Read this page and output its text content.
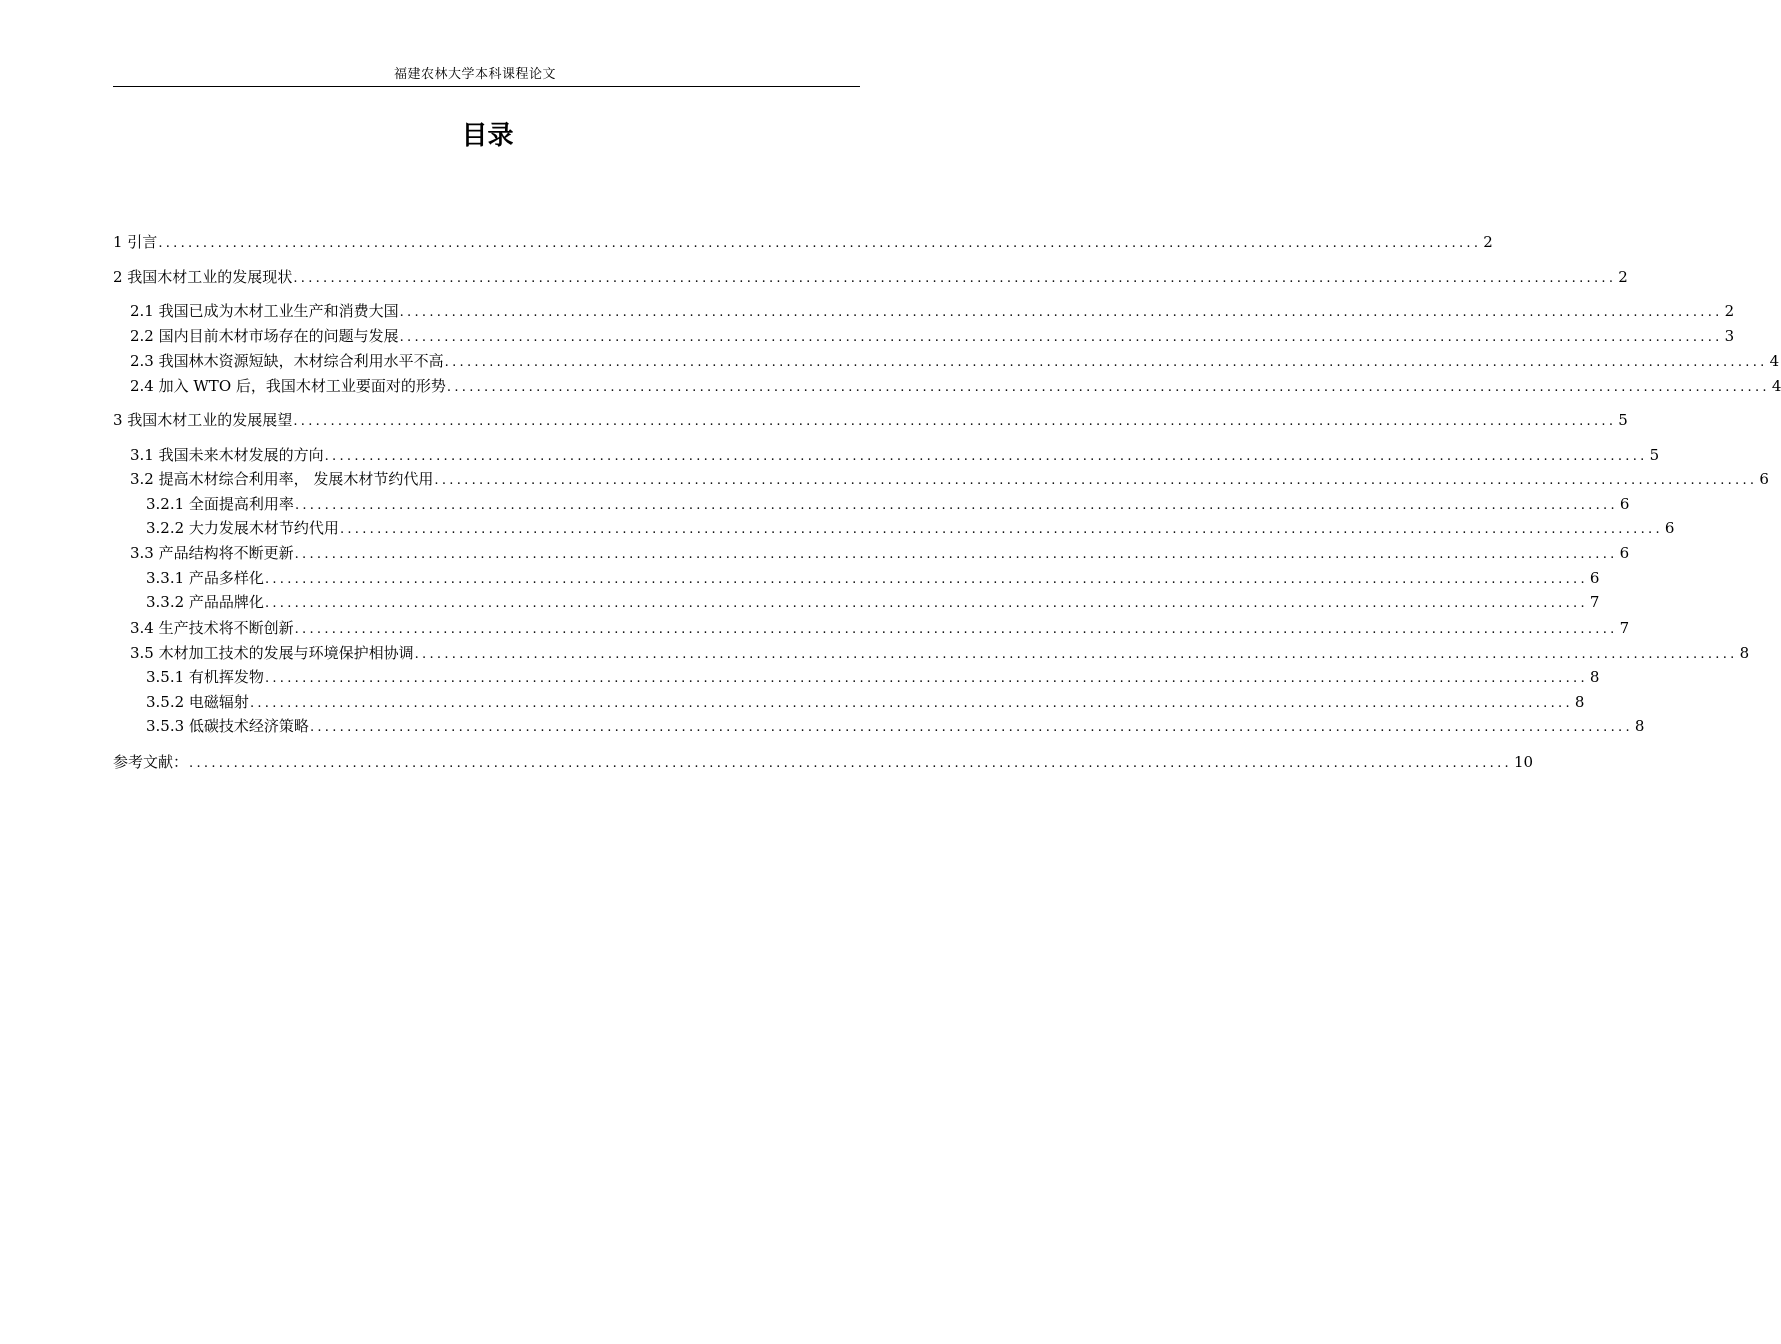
福建农林大学本科课程论文
目录
1 引言 .................................................................................................................................................................................. 2
2 我国木材工业的发展现状 .................................................................................................................................................................................. 2
2.1 我国已成为木材工业生产和消费大国 .................................................................................................................................................................................. 2
2.2 国内目前木材市场存在的问题与发展 .................................................................................................................................................................................. 3
2.3 我国林木资源短缺，木材综合利用水平不高 .................................................................................................................................................................................. 4
2.4 加入 WTO 后，我国木材工业要面对的形势 .................................................................................................................................................................................. 4
3 我国木材工业的发展展望 .................................................................................................................................................................................. 5
3.1 我国未来木材发展的方向 .................................................................................................................................................................................. 5
3.2 提高木材综合利用率， 发展木材节约代用 .................................................................................................................................................................................. 6
3.2.1 全面提高利用率 .................................................................................................................................................................................. 6
3.2.2 大力发展木材节约代用 .................................................................................................................................................................................. 6
3.3 产品结构将不断更新 .................................................................................................................................................................................. 6
3.3.1 产品多样化 .................................................................................................................................................................................. 6
3.3.2 产品品牌化 .................................................................................................................................................................................. 7
3.4 生产技术将不断创新 .................................................................................................................................................................................. 7
3.5 木材加工技术的发展与环境保护相协调 .................................................................................................................................................................................. 8
3.5.1 有机挥发物 .................................................................................................................................................................................. 8
3.5.2 电磁辐射 .................................................................................................................................................................................. 8
3.5.3 低碳技术经济策略 .................................................................................................................................................................................. 8
参考文献： .................................................................................................................................................................................. 10
